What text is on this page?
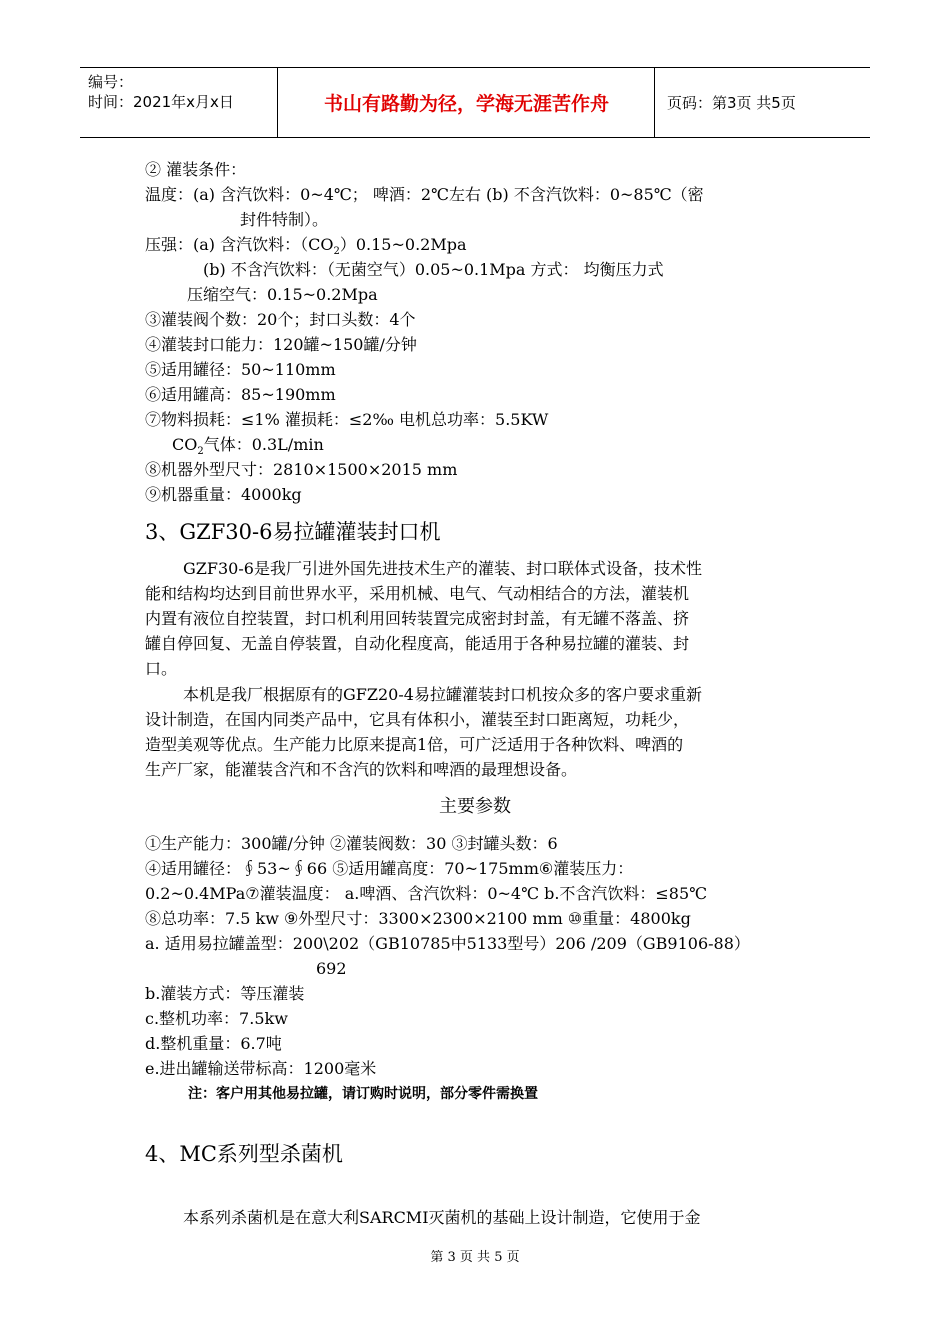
编号：
时间：2021年x月x日	书山有路勤为径，学海无涯苦作舟	页码：第3页 共5页
② 灌装条件：
温度：(a) 含汽饮料：0~4℃； 啤酒：2℃左右 (b) 不含汽饮料：0~85℃（密
封件特制）。
压强：(a) 含汽饮料：$(CO_2)0.15\sim 0.2Mpa$
(b) 不含汽饮料：（无菌空气）0.05~0.1Mpa 方式： 均衡压力式
压缩空气：0.15~0.2Mpa
③灌装阀个数：20个；封口头数：4个
④灌装封口能力：120罐~150罐/分钟
⑤适用罐径：50~110mm
⑥适用罐高：85~190mm
⑦物料损耗：≤1% 灌损耗：≤2‰ 电机总功率：5.5KW
$CO_2$气体：0.3L/min
⑧机器外型尺寸：2810×1500×2015 mm
⑨机器重量：4000kg
3、GZF30-6易拉罐灌装封口机
GZF30-6是我厂引进外国先进技术生产的灌装、封口联体式设备，技术性
能和结构均达到目前世界水平，采用机械、电气、气动相结合的方法，灌装机
内置有液位自控装置，封口机利用回转装置完成密封封盖，有无罐不落盖、挤
罐自停回复、无盖自停装置，自动化程度高，能适用于各种易拉罐的灌装、封
口。
本机是我厂根据原有的GFZ20-4易拉罐灌装封口机按众多的客户要求重新
设计制造，在国内同类产品中，它具有体积小，灌装至封口距离短，功耗少，
造型美观等优点。生产能力比原来提高1倍，可广泛适用于各种饮料、啤酒的
生产厂家，能灌装含汽和不含汽的饮料和啤酒的最理想设备。
主要参数
①生产能力：300罐/分钟 ②灌装阀数：30 ③封罐头数：6
④适用罐径：∮53~∮66 ⑤适用罐高度：70~175mm⑥灌装压力：
0.2~0.4MPa⑦灌装温度： a.啤酒、含汽饮料：0~4℃ b.不含汽饮料：≤85℃
⑧总功率：7.5 kw ⑨外型尺寸：3300×2300×2100 mm ⑩重量：4800kg
a. 适用易拉罐盖型：200\202（GB10785中5133型号）206 /209（GB9106-88）
692
b.灌装方式：等压灌装
c.整机功率：7.5kw
d.整机重量：6.7吨
e.进出罐输送带标高：1200毫米
注：客户用其他易拉罐，请订购时说明，部分零件需换置
4、MC系列型杀菌机
本系列杀菌机是在意大利SARCMI灭菌机的基础上设计制造，它使用于金
第 3 页 共 5 页
